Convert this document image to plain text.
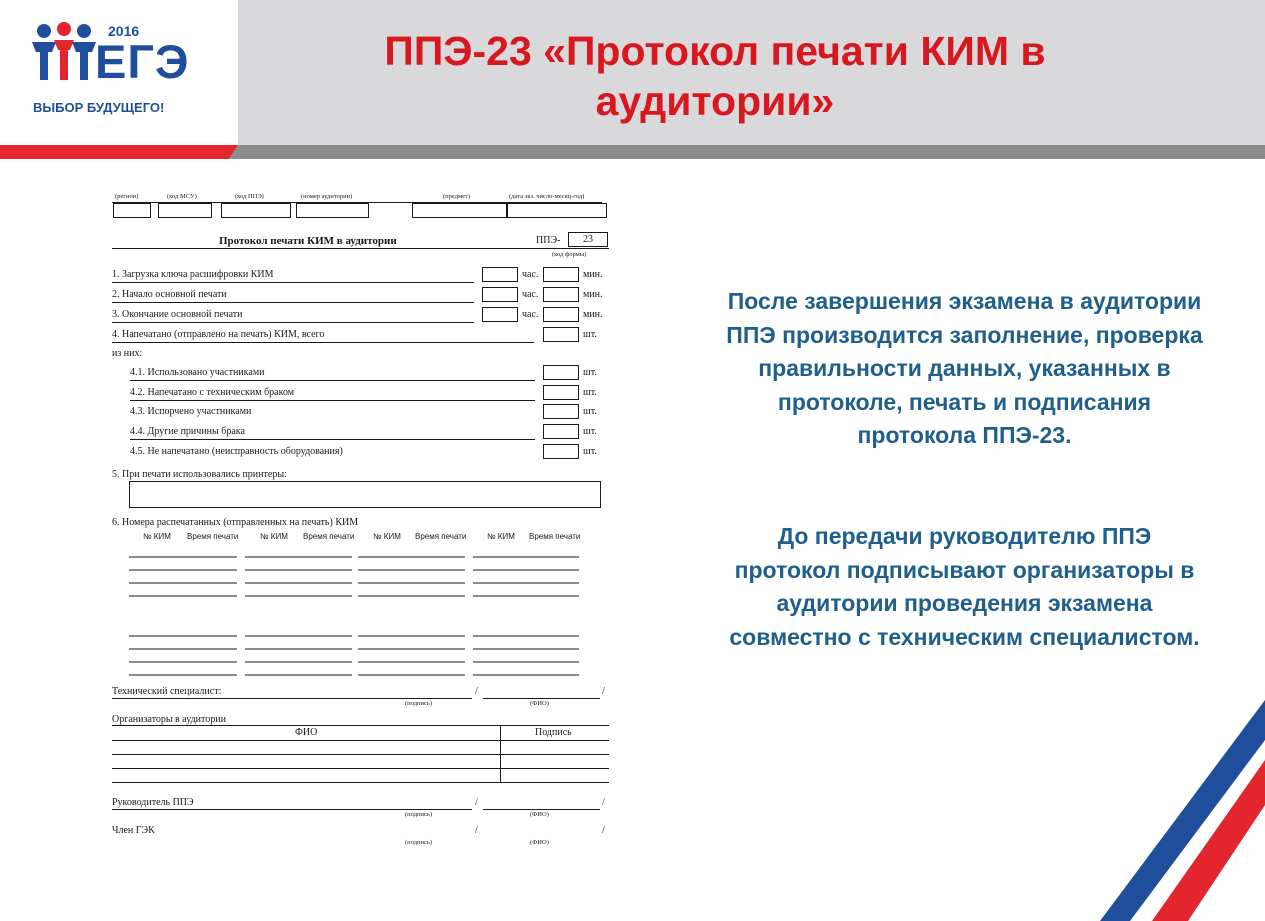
2016
ЕГЭ
ВЫБОР БУДУЩЕГО!
ППЭ-23 «Протокол печати КИМ в аудитории»
После завершения экзамена в аудитории ППЭ производится заполнение, проверка правильности данных, указанных в протоколе, печать и подписания протокола ППЭ-23.
До передачи руководителю ППЭ протокол подписывают организаторы в аудитории проведения экзамена совместно с техническим специалистом.
(регион)	(код МСУ)	(код ППЭ)	(номер аудитории)	(предмет)	(дата экз. число-месяц-год)
Протокол печати КИМ в аудитории	ППЭ- 23
(код формы)
1. Загрузка ключа расшифровки КИМ	час.	мин.
2. Начало основной печати	час.	мин.
3. Окончание основной печати	час.	мин.
4. Напечатано (отправлено на печать) КИМ, всего	шт.
из них:
4.1. Использовано участниками	шт.
4.2. Напечатано с техническим браком	шт.
4.3. Испорчено участниками	шт.
4.4. Другие причины брака	шт.
4.5. Не напечатано (неисправность оборудования)	шт.
5. При печати использовались принтеры:
6. Номера распечатанных (отправленных на печать) КИМ
№ КИМ Время печати	№ КИМ Время печати № КИМ Время печати	№ КИМ Время печати
Технический специалист:	/	/
(подпись)	(ФИО)
Организаторы в аудитории
ФИО	Подпись
Руководитель ППЭ	/	/
(подпись)	(ФИО)
Член ГЭК	/	/
(подпись)	(ФИО)
